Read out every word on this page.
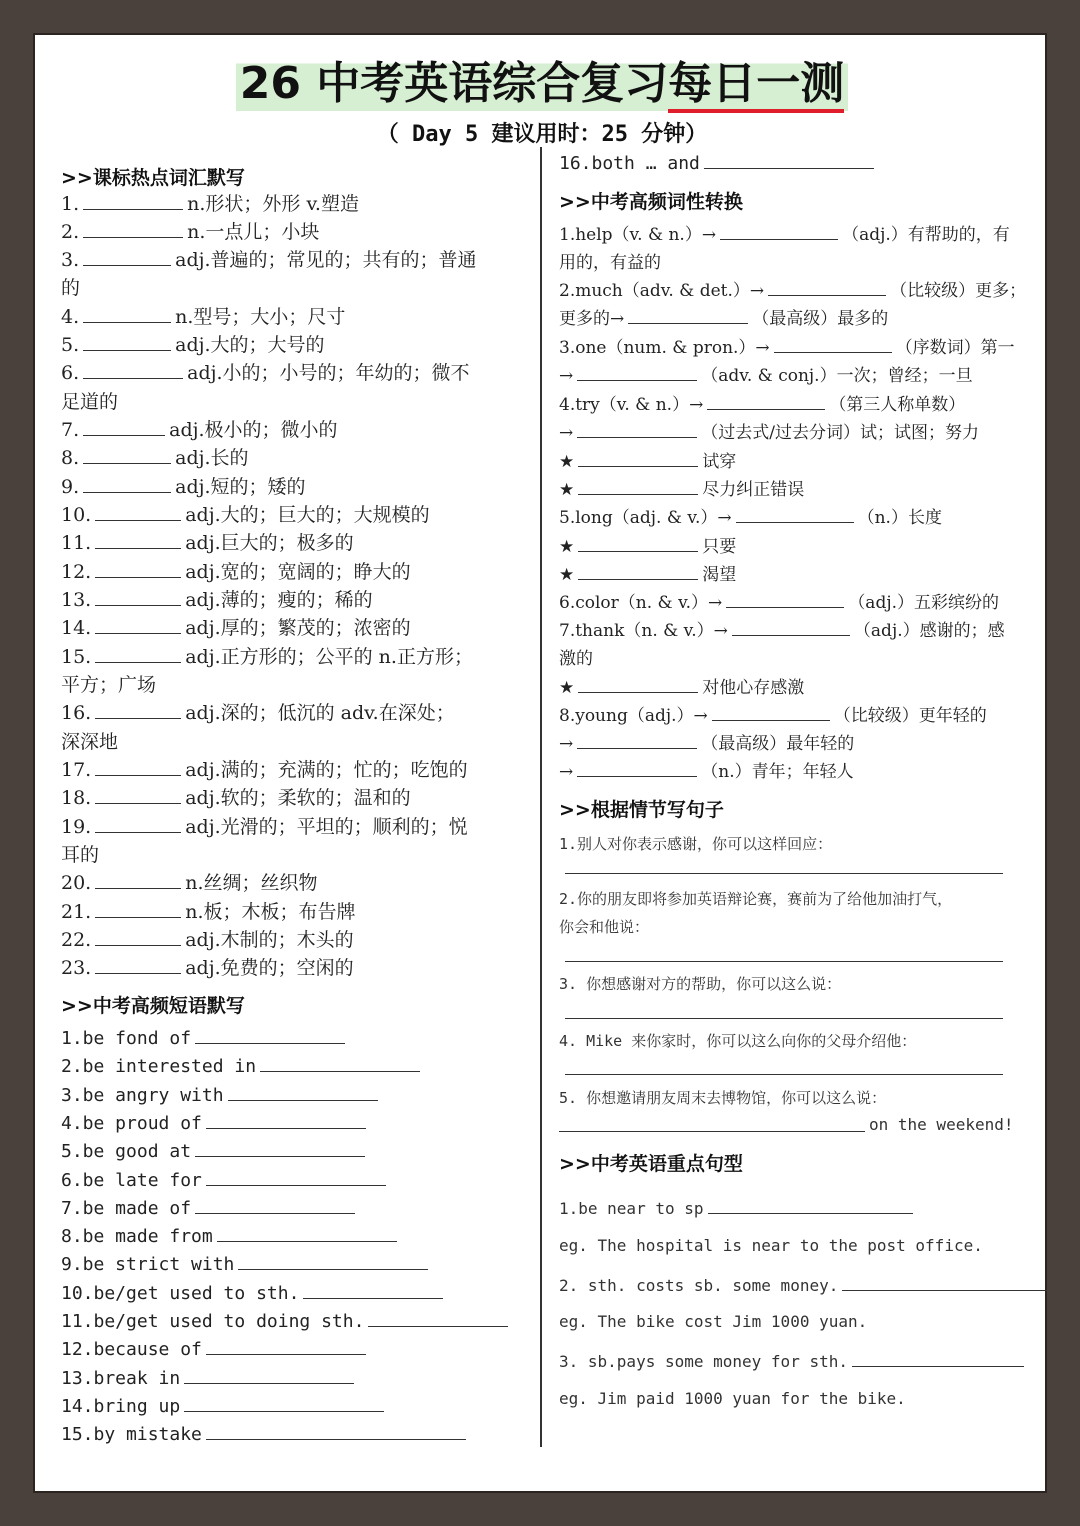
26 中考英语综合复习每日一测
（ Day 5 建议用时：25 分钟）
>>课标热点词汇默写
1.	n.形状；外形 v.塑造
2.	n.一点儿；小块
3.	adj.普遍的；常见的；共有的；普通
的
4.	n.型号；大小；尺寸
5.	adj.大的；大号的
6.	adj.小的；小号的；年幼的；微不
足道的
7.	adj.极小的；微小的
8.	adj.长的
9.	adj.短的；矮的
10.	adj.大的；巨大的；大规模的
11.	adj.巨大的；极多的
12.	adj.宽的；宽阔的；睁大的
13.	adj.薄的；瘦的；稀的
14.	adj.厚的；繁茂的；浓密的
15.	adj.正方形的；公平的 n.正方形；
平方；广场
16.	adj.深的；低沉的 adv.在深处；
深深地
17.	adj.满的；充满的；忙的；吃饱的
18.	adj.软的；柔软的；温和的
19.	adj.光滑的；平坦的；顺利的；悦
耳的
20.	n.丝绸；丝织物
21.	n.板；木板；布告牌
22.	adj.木制的；木头的
23.	adj.免费的；空闲的
>>中考高频短语默写
1.be fond of
2.be interested in
3.be angry with
4.be proud of
5.be good at
6.be late for
7.be made of
8.be made from
9.be strict with
10.be/get used to sth.
11.be/get used to doing sth.
12.because of
13.break in
14.bring up
15.by mistake
16.both … and
>>中考高频词性转换
1.help（v. & n.）→	（adj.）有帮助的，有
用的，有益的
2.much（adv. & det.）→	（比较级）更多；
更多的→	（最高级）最多的
3.one（num. & pron.）→	（序数词）第一
→	（adv. & conj.）一次；曾经；一旦
4.try（v. & n.）→	（第三人称单数）
→	（过去式/过去分词）试；试图；努力
★	试穿
★	尽力纠正错误
5.long（adj. & v.）→	（n.）长度
★	只要
★	渴望
6.color（n. & v.）→	（adj.）五彩缤纷的
7.thank（n. & v.）→	（adj.）感谢的；感
激的
★	对他心存感激
8.young（adj.）→	（比较级）更年轻的
→	（最高级）最年轻的
→	（n.）青年；年轻人
>>根据情节写句子
1.别人对你表示感谢，你可以这样回应：
2.你的朋友即将参加英语辩论赛，赛前为了给他加油打气，
你会和他说：
3. 你想感谢对方的帮助，你可以这么说：
4. Mike 来你家时，你可以这么向你的父母介绍他：
5. 你想邀请朋友周末去博物馆，你可以这么说：
on the weekend!
>>中考英语重点句型
1.be near to sp
eg. The hospital is near to the post office.
2. sth. costs sb. some money.
eg. The bike cost Jim 1000 yuan.
3. sb.pays some money for sth.
eg. Jim paid 1000 yuan for the bike.
